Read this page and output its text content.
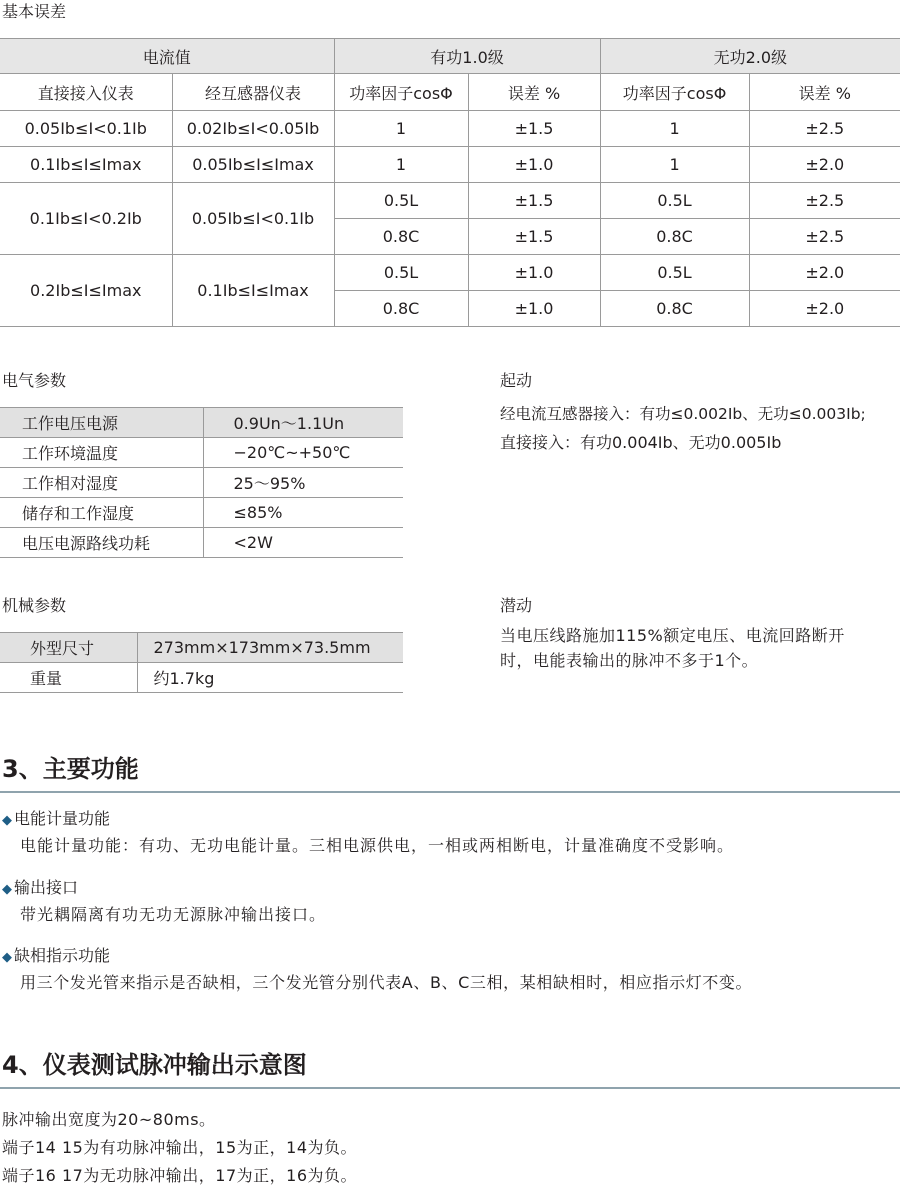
基本误差
电流值		有功1.0级		无功2.0级	
直接接入仪表	经互感器仪表	功率因子cosΦ	误差 %	功率因子cosΦ	误差 %
0.05Ib≤I<0.1Ib	0.02Ib≤I<0.05Ib	1	±1.5	1	±2.5
0.1Ib≤I≤Imax	0.05Ib≤I≤Imax	1	±1.0	1	±2.0
0.1Ib≤I<0.2Ib	0.05Ib≤I<0.1Ib	0.5L	±1.5	0.5L	±2.5
		0.8C	±1.5	0.8C	±2.5
0.2Ib≤I≤Imax	0.1Ib≤I≤Imax	0.5L	±1.0	0.5L	±2.0
		0.8C	±1.0	0.8C	±2.0
电气参数
工作电压电源	0.9Un～1.1Un
工作环境温度	−20℃~+50℃
工作相对湿度	25～95%
储存和工作湿度	≤85%
电压电源路线功耗	<2W
起动
经电流互感器接入：有功≤0.002Ib、无功≤0.003Ib;
直接接入：有功0.004Ib、无功0.005Ib
机械参数
外型尺寸	273mm×173mm×73.5mm
重量	约1.7kg
潜动
当电压线路施加115%额定电压、电流回路断开
时，电能表输出的脉冲不多于1个。
3、主要功能
◆ 电能计量功能
电能计量功能：有功、无功电能计量。三相电源供电，一相或两相断电，计量准确度不受影响。
◆ 输出接口
带光耦隔离有功无功无源脉冲输出接口。
◆ 缺相指示功能
用三个发光管来指示是否缺相，三个发光管分别代表A、B、C三相，某相缺相时，相应指示灯不变。
4、仪表测试脉冲输出示意图
脉冲输出宽度为20~80ms。
端子14 15为有功脉冲输出，15为正，14为负。
端子16 17为无功脉冲输出，17为正，16为负。
